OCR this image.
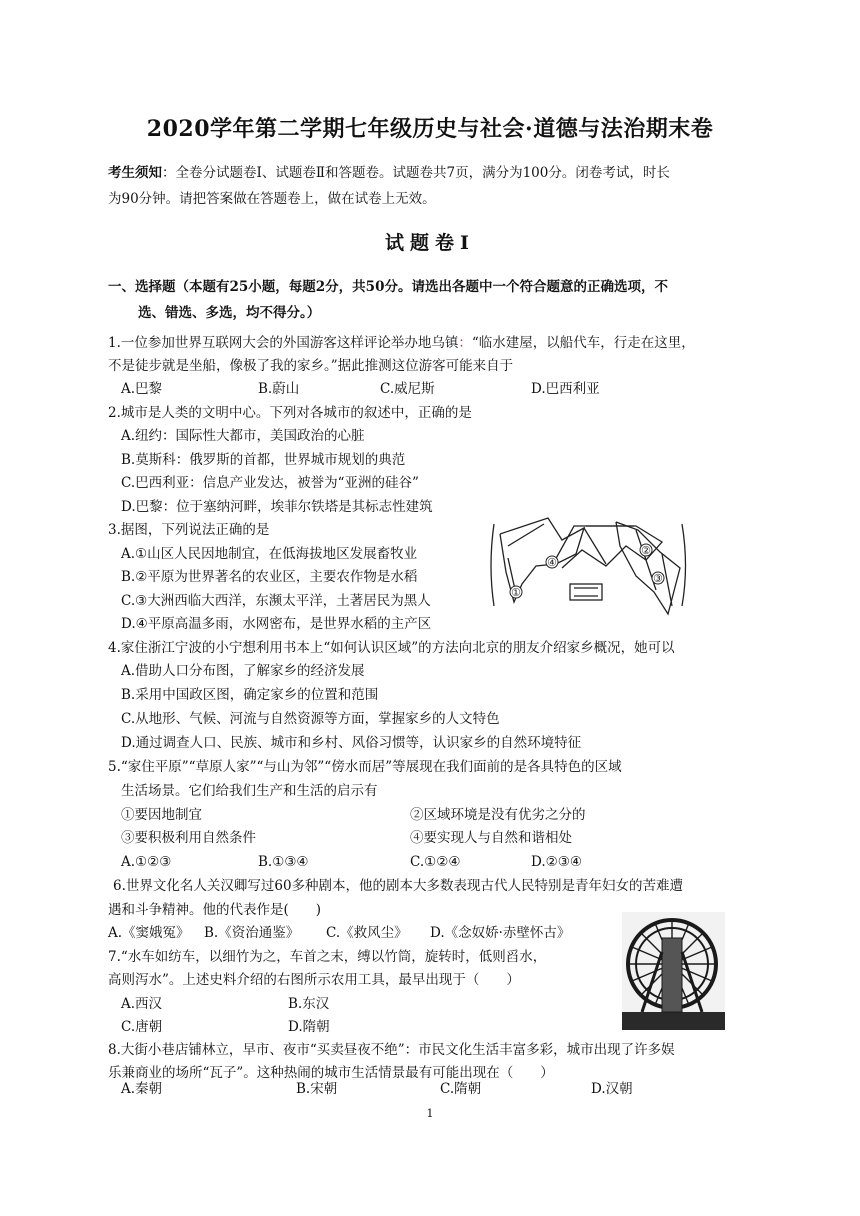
2020学年第二学期七年级历史与社会·道德与法治期末卷
考生须知：全卷分试题卷Ⅰ、试题卷Ⅱ和答题卷。试题卷共7页，满分为100分。闭卷考试，时长
为90分钟。请把答案做在答题卷上，做在试卷上无效。
试题卷Ⅰ
一、选择题（本题有25小题，每题2分，共50分。请选出各题中一个符合题意的正确选项，不
选、错选、多选，均不得分。）
1.一位参加世界互联网大会的外国游客这样评论举办地乌镇：“临水建屋，以船代车，行走在这里，
不是徒步就是坐船，像极了我的家乡。”据此推测这位游客可能来自于
A.巴黎	B.蔚山	C.威尼斯	D.巴西利亚
2.城市是人类的文明中心。下列对各城市的叙述中，正确的是
A.纽约：国际性大都市，美国政治的心脏
B.莫斯科：俄罗斯的首都，世界城市规划的典范
C.巴西利亚：信息产业发达，被誉为“亚洲的硅谷”
D.巴黎：位于塞纳河畔，埃菲尔铁塔是其标志性建筑
3.据图，下列说法正确的是
A.①山区人民因地制宜，在低海拔地区发展畜牧业
B.②平原为世界著名的农业区，主要农作物是水稻
C.③大洲西临大西洋，东濒太平洋，土著居民为黑人
D.④平原高温多雨，水网密布，是世界水稻的主产区
①
②
③
④
4.家住浙江宁波的小宁想利用书本上“如何认识区域”的方法向北京的朋友介绍家乡概况，她可以
A.借助人口分布图，了解家乡的经济发展
B.采用中国政区图，确定家乡的位置和范围
C.从地形、气候、河流与自然资源等方面，掌握家乡的人文特色
D.通过调查人口、民族、城市和乡村、风俗习惯等，认识家乡的自然环境特征
5.“家住平原”“草原人家”“与山为邻”“傍水而居”等展现在我们面前的是各具特色的区域
生活场景。它们给我们生产和生活的启示有
①要因地制宜	②区域环境是没有优劣之分的
③要积极利用自然条件	④要实现人与自然和谐相处
A.①②③	B.①③④	C.①②④	D.②③④
6.世界文化名人关汉卿写过60多种剧本，他的剧本大多数表现古代人民特别是青年妇女的苦难遭
遇和斗争精神。他的代表作是(　　)
A.《窦娥冤》 B.《资治通鉴》 C.《救风尘》 D.《念奴娇·赤壁怀古》
7.“水车如纺车，以细竹为之，车首之末，缚以竹筒，旋转时，低则舀水，
高则泻水”。上述史料介绍的右图所示农用工具，最早出现于（　　）
A.西汉	B.东汉
C.唐朝	D.隋朝
8.大街小巷店铺林立，早市、夜市“买卖昼夜不绝”：市民文化生活丰富多彩，城市出现了许多娱
乐兼商业的场所“瓦子”。这种热闹的城市生活情景最有可能出现在（　　）
A.秦朝	B.宋朝	C.隋朝	D.汉朝
1
